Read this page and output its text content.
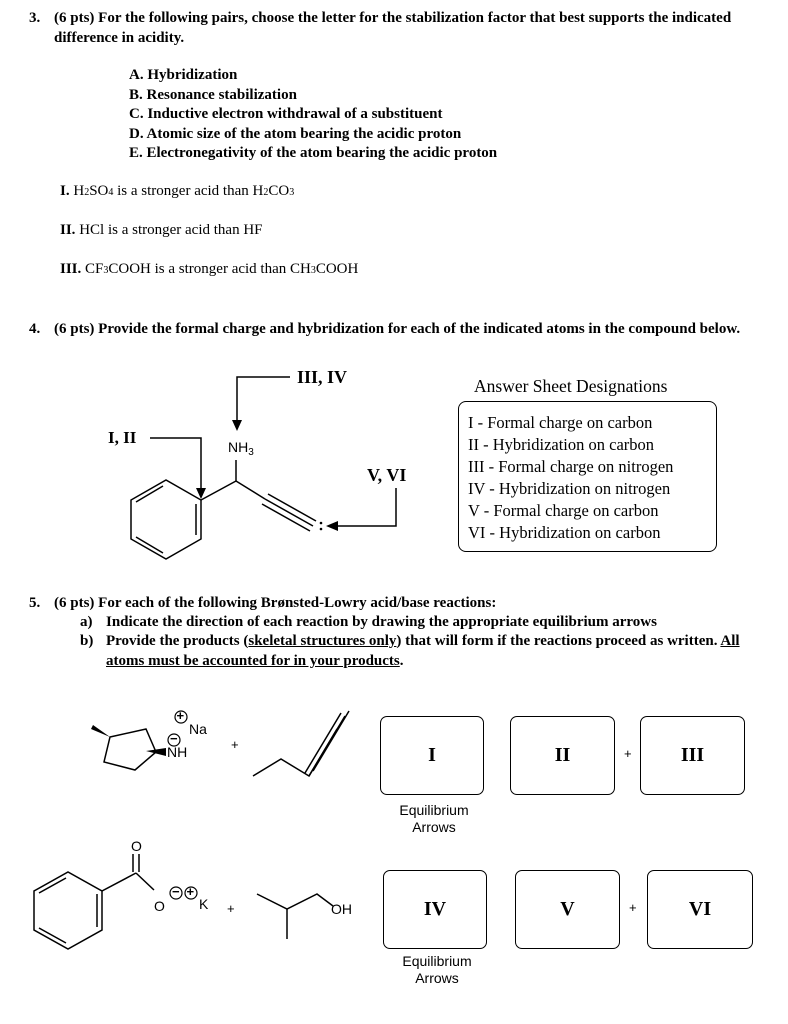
3. (6 pts) For the following pairs, choose the letter for the stabilization factor that best supports the indicated difference in acidity.
A. Hybridization
B. Resonance stabilization
C. Inductive electron withdrawal of a substituent
D. Atomic size of the atom bearing the acidic proton
E. Electronegativity of the atom bearing the acidic proton
I. H2SO4 is a stronger acid than H2CO3
II. HCl is a stronger acid than HF
III. CF3COOH is a stronger acid than CH3COOH
4. (6 pts) Provide the formal charge and hybridization for each of the indicated atoms in the compound below.
I, II
III, IV
V, VI
$NH_3$
Answer Sheet Designations
I - Formal charge on carbon
II - Hybridization on carbon
III - Formal charge on nitrogen
IV - Hybridization on nitrogen
V - Formal charge on carbon
VI - Hybridization on carbon
5. (6 pts) For each of the following Brønsted-Lowry acid/base reactions:
a) Indicate the direction of each reaction by drawing the appropriate equilibrium arrows
b) Provide the products (skeletal structures only) that will form if the reactions proceed as written. All atoms must be accounted for in your products.
+
−
Na
NH	+	I	II	+	III
Equilibrium
Arrows
O
O
− +
K +	OH	IV	V	+	VI
Equilibrium
Arrows
